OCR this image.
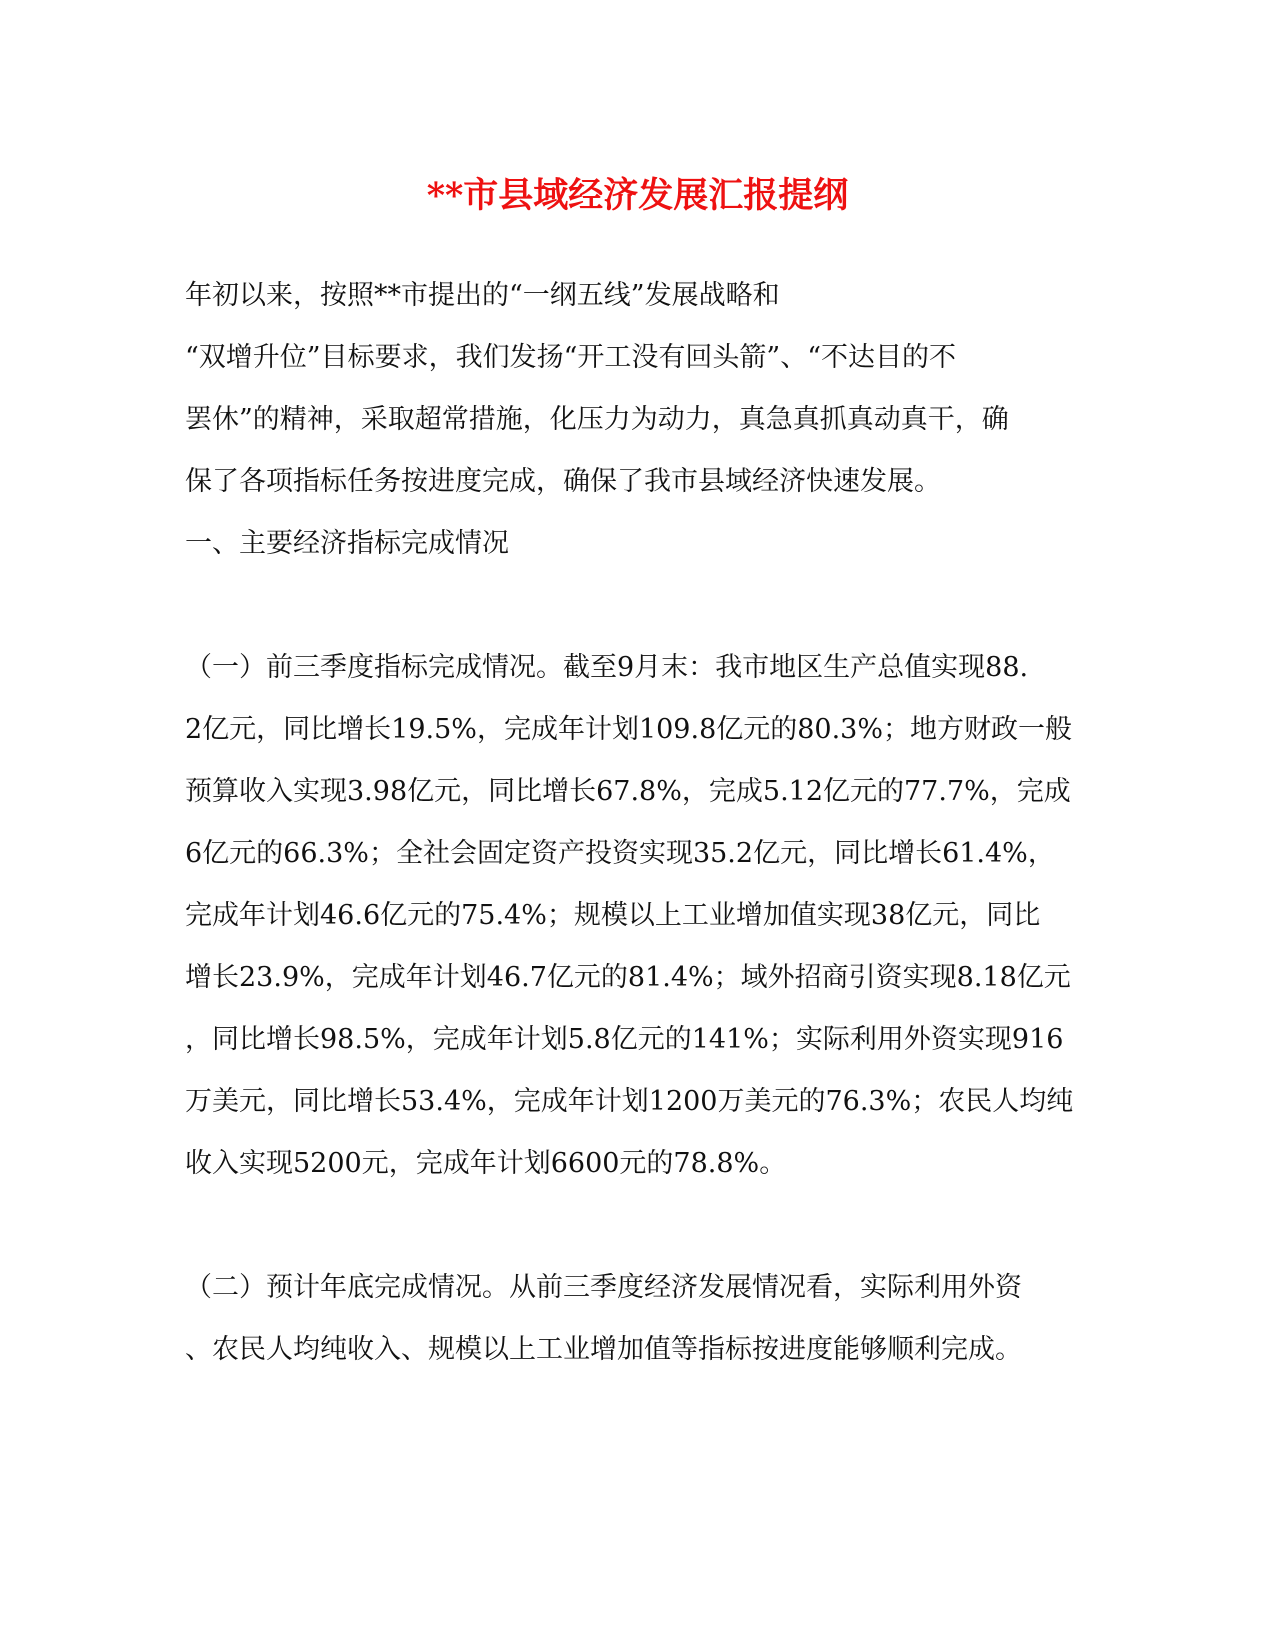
**市县域经济发展汇报提纲

年初以来，按照**市提出的“一纲五线”发展战略和

“双增升位”目标要求，我们发扬“开工没有回头箭”、“不达目的不

罢休”的精神，采取超常措施，化压力为动力，真急真抓真动真干，确

保了各项指标任务按进度完成，确保了我市县域经济快速发展。

一、主要经济指标完成情况

（一）前三季度指标完成情况。截至9月末：我市地区生产总值实现88.

2亿元，同比增长19.5%，完成年计划109.8亿元的80.3%；地方财政一般

预算收入实现3.98亿元，同比增长67.8%，完成5.12亿元的77.7%，完成

6亿元的66.3%；全社会固定资产投资实现35.2亿元，同比增长61.4%，

完成年计划46.6亿元的75.4%；规模以上工业增加值实现38亿元，同比

增长23.9%，完成年计划46.7亿元的81.4%；域外招商引资实现8.18亿元

，同比增长98.5%，完成年计划5.8亿元的141%；实际利用外资实现916

万美元，同比增长53.4%，完成年计划1200万美元的76.3%；农民人均纯

收入实现5200元，完成年计划6600元的78.8%。

（二）预计年底完成情况。从前三季度经济发展情况看，实际利用外资

、农民人均纯收入、规模以上工业增加值等指标按进度能够顺利完成。
